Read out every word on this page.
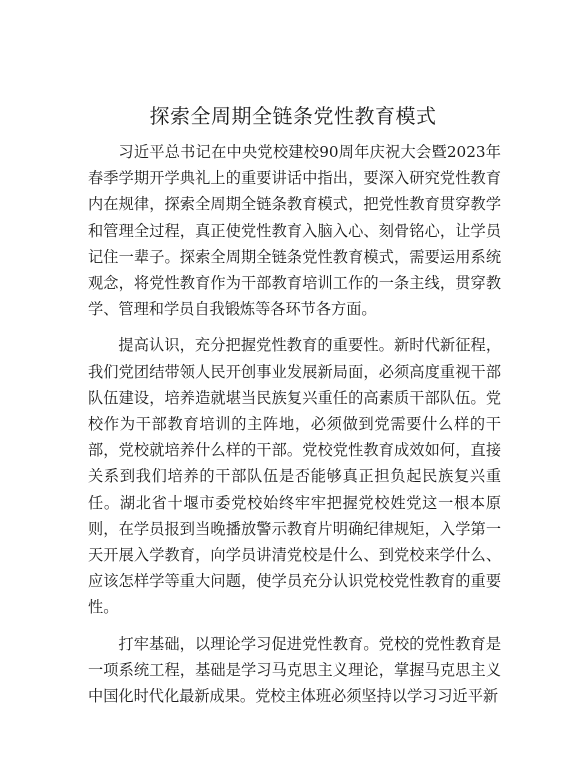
探索全周期全链条党性教育模式

习近平总书记在中央党校建校90周年庆祝大会暨2023年春季学期开学典礼上的重要讲话中指出，要深入研究党性教育内在规律，探索全周期全链条教育模式，把党性教育贯穿教学和管理全过程，真正使党性教育入脑入心、刻骨铭心，让学员记住一辈子。探索全周期全链条党性教育模式，需要运用系统观念，将党性教育作为干部教育培训工作的一条主线，贯穿教学、管理和学员自我锻炼等各环节各方面。

提高认识，充分把握党性教育的重要性。新时代新征程，我们党团结带领人民开创事业发展新局面，必须高度重视干部队伍建设，培养造就堪当民族复兴重任的高素质干部队伍。党校作为干部教育培训的主阵地，必须做到党需要什么样的干部，党校就培养什么样的干部。党校党性教育成效如何，直接关系到我们培养的干部队伍是否能够真正担负起民族复兴重任。湖北省十堰市委党校始终牢牢把握党校姓党这一根本原则，在学员报到当晚播放警示教育片明确纪律规矩，入学第一天开展入学教育，向学员讲清党校是什么、到党校来学什么、应该怎样学等重大问题，使学员充分认识党校党性教育的重要性。

打牢基础，以理论学习促进党性教育。党校的党性教育是一项系统工程，基础是学习马克思主义理论，掌握马克思主义中国化时代化最新成果。党校主体班必须坚持以学习习近平新
